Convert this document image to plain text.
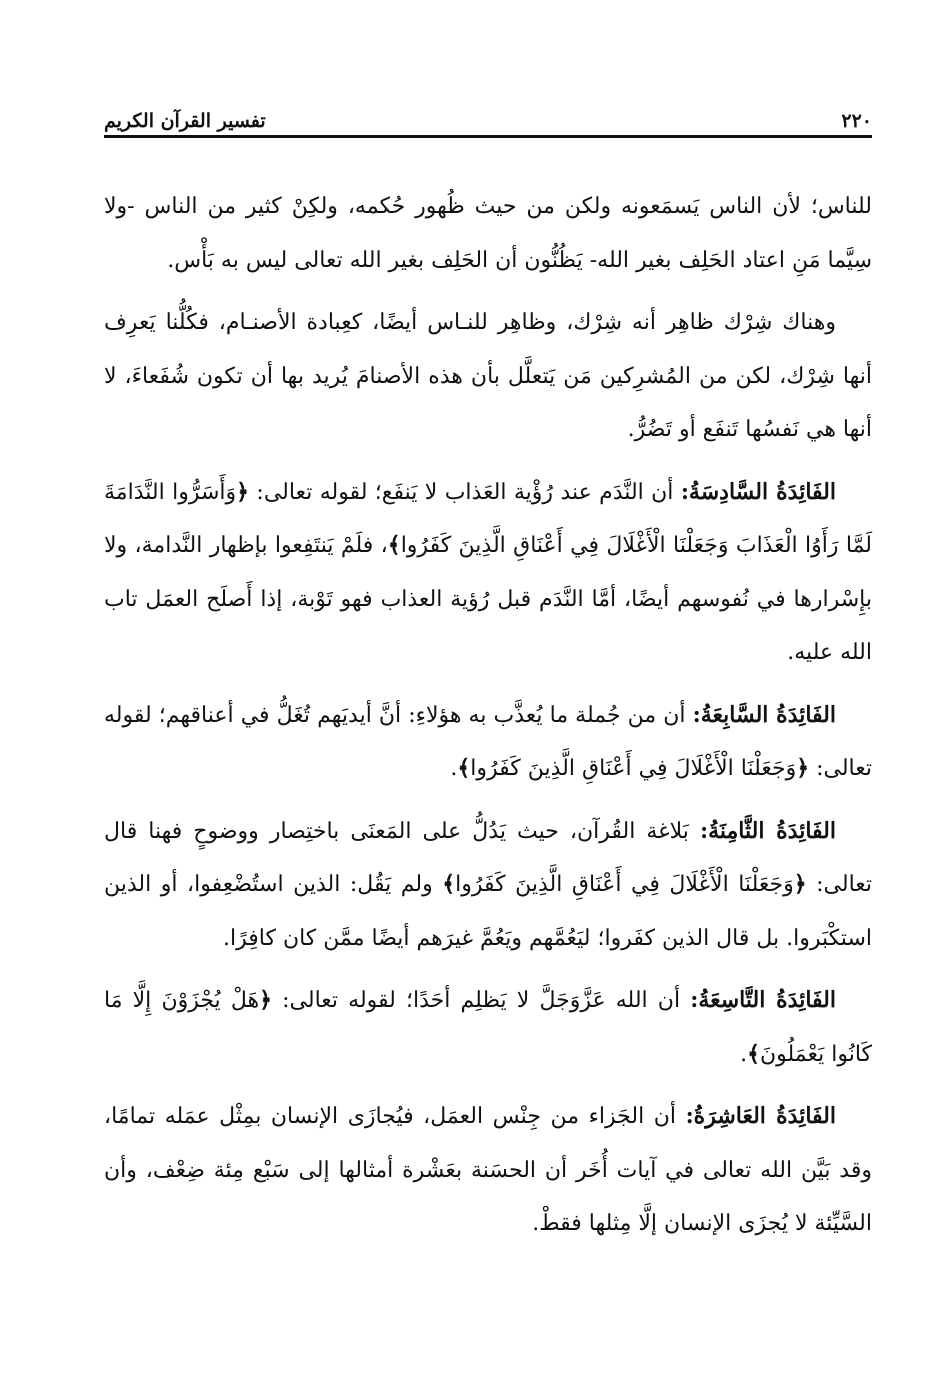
٢٢٠
تفسير القرآن الكريم

للناس؛ لأن الناس يَسمَعونه ولكن من حيث ظُهور حُكمه، ولكِنْ كثير من الناس -ولا سِيَّما مَنِ اعتاد الحَلِف بغير الله- يَظُنُّون أن الحَلِف بغير الله تعالى ليس به بَأْس.

وهناك شِرْك ظاهِر أنه شِرْك، وظاهِر للنـاس أيضًا، كعِبادة الأصنـام، فكُلُّنا يَعرِف أنها شِرْك، لكن من المُشرِكين مَن يَتعلَّل بأن هذه الأصنامَ يُريد بها أن تكون شُفَعاءَ، لا أنها هي نَفسُها تَنفَع أو تَضُرُّ.

الفَائِدَةُ السَّادِسَةُ: أن النَّدَم عند رُؤْية العَذاب لا يَنفَع؛ لقوله تعالى: ﴿وَأَسَرُّوا النَّدَامَةَ لَمَّا رَأَوُا الْعَذَابَ وَجَعَلْنَا الْأَغْلَالَ فِي أَعْنَاقِ الَّذِينَ كَفَرُوا﴾، فلَمْ يَنتَفِعوا بإظهار النَّدامة، ولا بإِسْرارها في نُفوسهم أيضًا، أمَّا النَّدَم قبل رُؤية العذاب فهو تَوْبة، إذا أَصلَح العمَل تاب الله عليه.

الفَائِدَةُ السَّابِعَةُ: أن من جُملة ما يُعذَّب به هؤلاءِ: أنَّ أيديَهم تُغَلُّ في أعناقهم؛ لقوله تعالى: ﴿وَجَعَلْنَا الْأَغْلَالَ فِي أَعْنَاقِ الَّذِينَ كَفَرُوا﴾.

الفَائِدَةُ الثَّامِنَةُ: بَلاغة القُرآن، حيث يَدُلُّ على المَعنَى باختِصار ووضوحٍ فهنا قال تعالى: ﴿وَجَعَلْنَا الْأَغْلَالَ فِي أَعْنَاقِ الَّذِينَ كَفَرُوا﴾ ولم يَقُل: الذين استُضْعِفوا، أو الذين استكْبَروا. بل قال الذين كفَروا؛ ليَعُمَّهم ويَعُمَّ غيرَهم أيضًا ممَّن كان كافِرًا.

الفَائِدَةُ التَّاسِعَةُ: أن الله عَزَّوَجَلَّ لا يَظلِم أحَدًا؛ لقوله تعالى: ﴿هَلْ يُجْزَوْنَ إِلَّا مَا كَانُوا يَعْمَلُونَ﴾.

الفَائِدَةُ العَاشِرَةُ: أن الجَزاء من جِنْس العمَل، فيُجازَى الإنسان بمِثْل عمَله تمامًا، وقد بَيَّن الله تعالى في آيات أُخَر أن الحسَنة بعَشْرة أمثالها إلى سَبْع مِئة ضِعْف، وأن السَّيِّئة لا يُجزَى الإنسان إلَّا مِثلها فقطْ.
